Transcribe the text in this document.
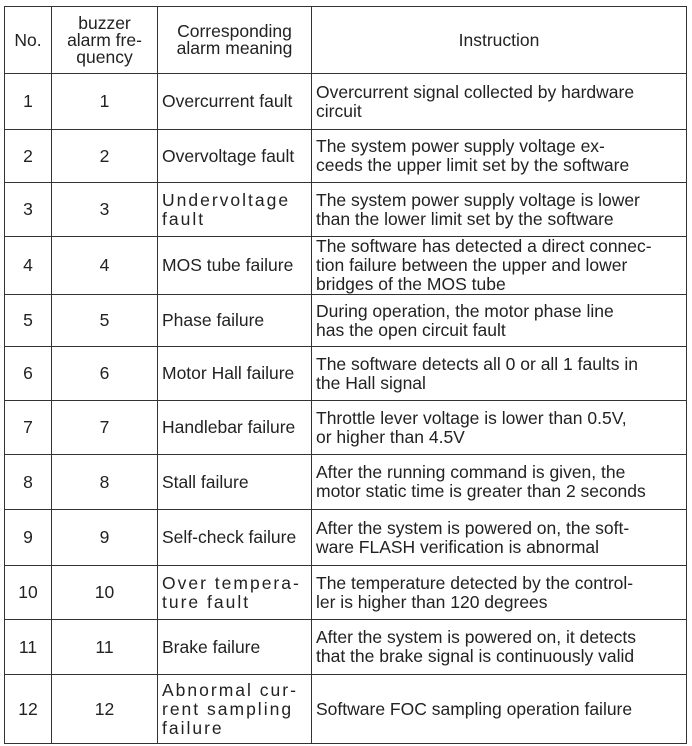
No.	buzzer
alarm fre-
quency	Corresponding
alarm meaning	Instruction
1	1	Overcurrent fault	Overcurrent signal collected by hardware
circuit
2	2	Overvoltage fault	The system power supply voltage ex-
ceeds the upper limit set by the software
3	3	Undervoltage
fault	The system power supply voltage is lower
than the lower limit set by the software
4	4	MOS tube failure	The software has detected a direct connec-
tion failure between the upper and lower
bridges of the MOS tube
5	5	Phase failure	During operation, the motor phase line
has the open circuit fault
6	6	Motor Hall failure	The software detects all 0 or all 1 faults in
the Hall signal
7	7	Handlebar failure	Throttle lever voltage is lower than 0.5V,
or higher than 4.5V
8	8	Stall failure	After the running command is given, the
motor static time is greater than 2 seconds
9	9	Self-check failure	After the system is powered on, the soft-
ware FLASH verification is abnormal
10	10	Over tempera-
ture fault	The temperature detected by the control-
ler is higher than 120 degrees
11	11	Brake failure	After the system is powered on, it detects
that the brake signal is continuously valid
12	12	Abnormal cur-
rent sampling
failure	Software FOC sampling operation failure
